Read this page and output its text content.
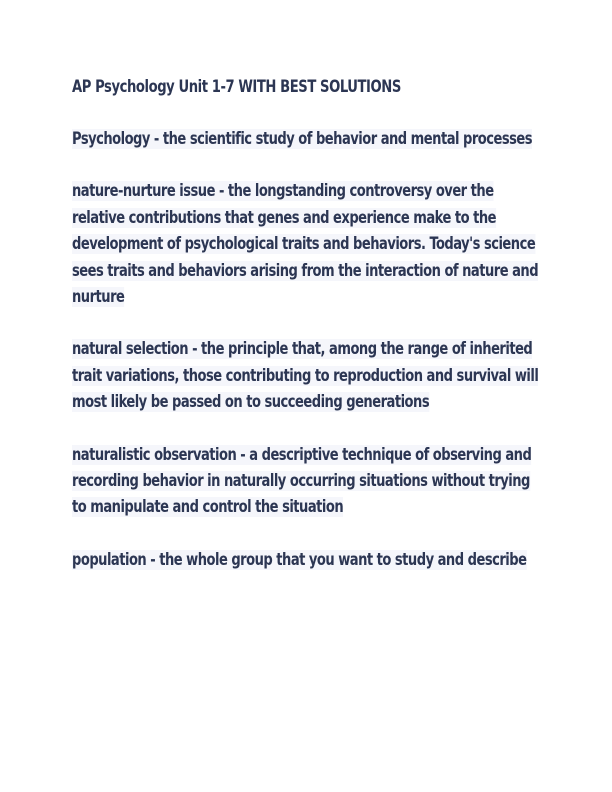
AP Psychology Unit 1-7 WITH BEST SOLUTIONS
Psychology - the scientific study of behavior and mental processes
nature-nurture issue - the longstanding controversy over the relative contributions that genes and experience make to the development of psychological traits and behaviors. Today's science sees traits and behaviors arising from the interaction of nature and nurture
natural selection - the principle that, among the range of inherited trait variations, those contributing to reproduction and survival will most likely be passed on to succeeding generations
naturalistic observation - a descriptive technique of observing and recording behavior in naturally occurring situations without trying to manipulate and control the situation
population - the whole group that you want to study and describe
